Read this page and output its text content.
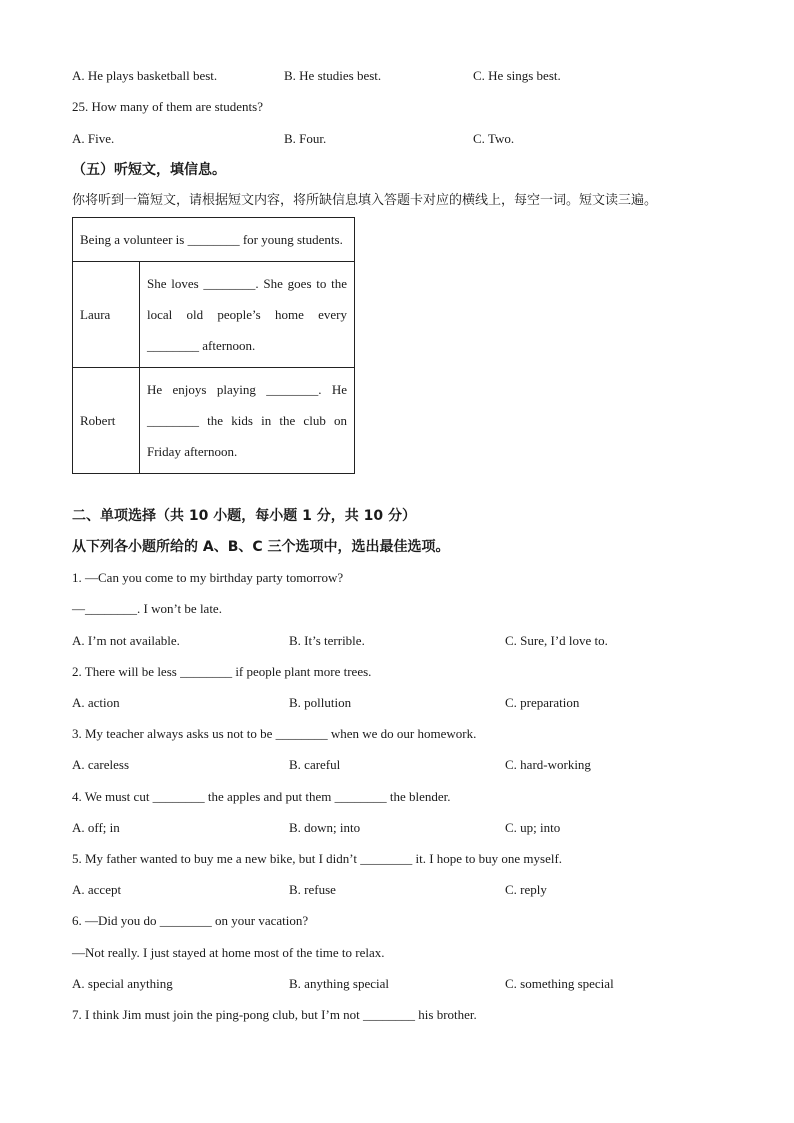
A. He plays basketball best.	B. He studies best.	C. He sings best.
25. How many of them are students?
A. Five.	B. Four.	C. Two.
（五）听短文，填信息。
你将听到一篇短文，请根据短文内容，将所缺信息填入答题卡对应的横线上，每空一词。短文读三遍。
Being a volunteer is ________ for young students.	
Laura	She loves ________. She goes to the local old people’s home every ________ afternoon.
Robert	He enjoys playing ________. He ________ the kids in the club on Friday afternoon.
二、单项选择（共 10 小题，每小题 1 分，共 10 分）
从下列各小题所给的 A、B、C 三个选项中，选出最佳选项。
1. —Can you come to my birthday party tomorrow?
—________. I won’t be late.
A. I’m not available.	B. It’s terrible.	C. Sure, I’d love to.
2. There will be less ________ if people plant more trees.
A. action	B. pollution	C. preparation
3. My teacher always asks us not to be ________ when we do our homework.
A. careless	B. careful	C. hard-working
4. We must cut ________ the apples and put them ________ the blender.
A. off; in	B. down; into	C. up; into
5. My father wanted to buy me a new bike, but I didn’t ________ it. I hope to buy one myself.
A. accept	B. refuse	C. reply
6. —Did you do ________ on your vacation?
—Not really. I just stayed at home most of the time to relax.
A. special anything	B. anything special	C. something special
7. I think Jim must join the ping-pong club, but I’m not ________ his brother.
